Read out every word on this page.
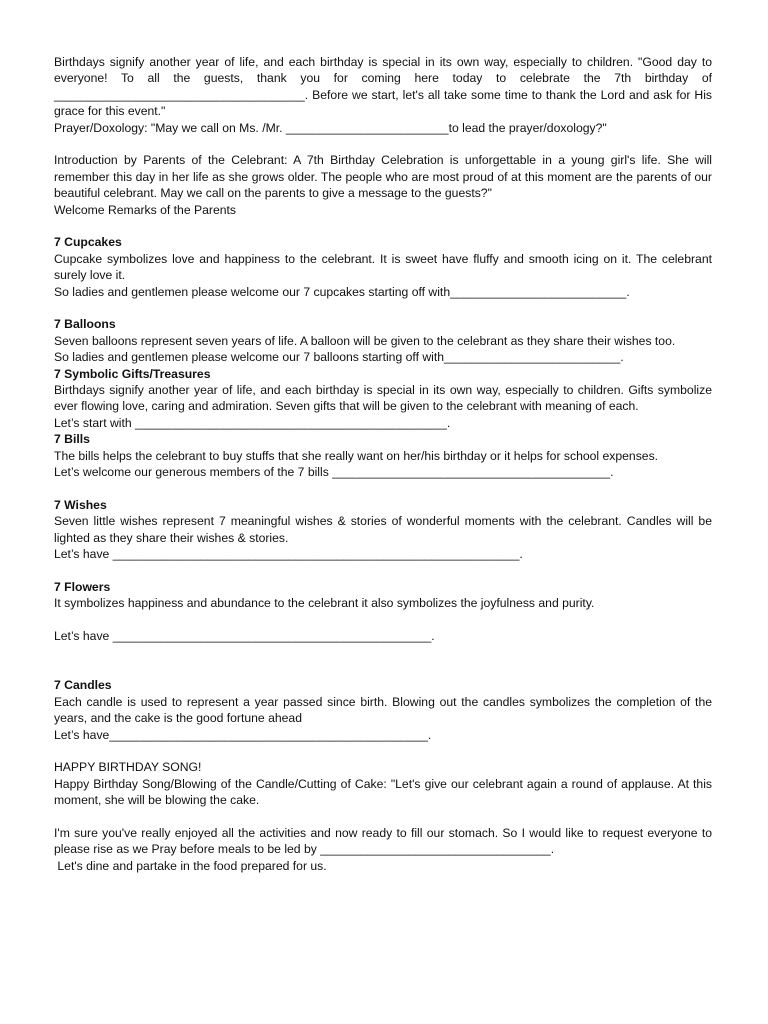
Birthdays signify another year of life, and each birthday is special in its own way, especially to children. "Good day to everyone! To all the guests, thank you for coming here today to celebrate the 7th birthday of _____________________________________. Before we start, let's all take some time to thank the Lord and ask for His grace for this event."

Prayer/Doxology: "May we call on Ms. /Mr. ________________________to lead the prayer/doxology?"

Introduction by Parents of the Celebrant: A 7th Birthday Celebration is unforgettable in a young girl's life. She will remember this day in her life as she grows older. The people who are most proud of at this moment are the parents of our beautiful celebrant. May we call on the parents to give a message to the guests?"

Welcome Remarks of the Parents

7 Cupcakes

Cupcake symbolizes love and happiness to the celebrant. It is sweet have fluffy and smooth icing on it. The celebrant surely love it.

So ladies and gentlemen please welcome our 7 cupcakes starting off with__________________________.

7 Balloons

Seven balloons represent seven years of life. A balloon will be given to the celebrant as they share their wishes too.

So ladies and gentlemen please welcome our 7 balloons starting off with__________________________.

7 Symbolic Gifts/Treasures

Birthdays signify another year of life, and each birthday is special in its own way, especially to children. Gifts symbolize ever flowing love, caring and admiration. Seven gifts that will be given to the celebrant with meaning of each.

Let’s start with ______________________________________________.

7 Bills

The bills helps the celebrant to buy stuffs that she really want on her/his birthday or it helps for school expenses.

Let’s welcome our generous members of the 7 bills _________________________________________.

7 Wishes

Seven little wishes represent 7 meaningful wishes & stories of wonderful moments with the celebrant. Candles will be lighted as they share their wishes & stories.

Let’s have ____________________________________________________________.

7 Flowers

It symbolizes happiness and abundance to the celebrant it also symbolizes the joyfulness and purity.

Let’s have _______________________________________________.

7 Candles

Each candle is used to represent a year passed since birth. Blowing out the candles symbolizes the completion of the years, and the cake is the good fortune ahead

Let’s have_______________________________________________.

HAPPY BIRTHDAY SONG!

Happy Birthday Song/Blowing of the Candle/Cutting of Cake: "Let's give our celebrant again a round of applause. At this moment, she will be blowing the cake.

I'm sure you've really enjoyed all the activities and now ready to fill our stomach. So I would like to request everyone to please rise as we Pray before meals to be led by __________________________________.

Let's dine and partake in the food prepared for us.
